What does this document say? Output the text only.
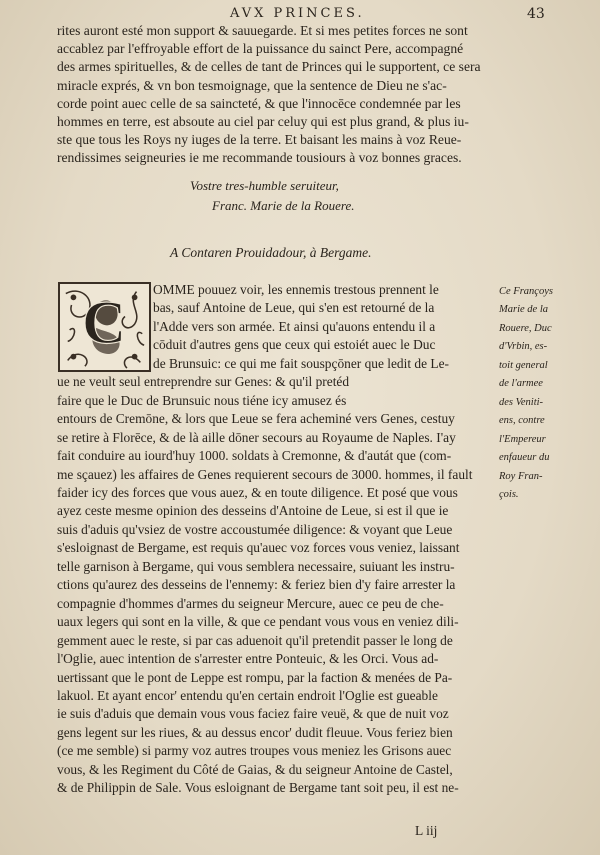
AVX PRINCES.	43
rites auront esté mon support & sauuegarde. Et si mes petites forces ne sont
accablez par l'effroyable effort de la puissance du sainct Pere, accompagné
des armes spirituelles, & de celles de tant de Princes qui le supportent, ce sera
miracle exprés, & vn bon tesmoignage, que la sentence de Dieu ne s'ac-
corde point auec celle de sa saincteté, & que l'innocēce condemnée par les
hommes en terre, est absoute au ciel par celuy qui est plus grand, & plus iu-
ste que tous les Roys ny iuges de la terre. Et baisant les mains à voz Reue-
rendissimes seigneuries ie me recommande tousiours à voz bonnes graces.
Vostre tres-humble seruiteur,
Franc. Marie de la Rouere.
A Contaren Prouidadour, à Bergame.
C
OMME pouuez voir, les ennemis trestous prennent le
bas, sauf Antoine de Leue, qui s'en est retourné de la
l'Adde vers son armée. Et ainsi qu'auons entendu il a
cōduit d'autres gens que ceux qui estoiét auec le Duc
de Brunsuic: ce qui me fait souspçōner que ledit de Le-
ue ne veult seul entreprendre sur Genes: & qu'il pretéd
faire que le Duc de Brunsuic nous tiéne icy amusez és
entours de Cremōne, & lors que Leue se fera acheminé vers Genes, cestuy
se retire à Florēce, & de là aille dōner secours au Royaume de Naples. I'ay
fait conduire au iourd'huy 1000. soldats à Cremonne, & d'autát que (com-
me sçauez) les affaires de Genes requierent secours de 3000. hommes, il fault
faider icy des forces que vous auez, & en toute diligence. Et posé que vous
ayez ceste mesme opinion des desseins d'Antoine de Leue, si est il que ie
suis d'aduis qu'vsiez de vostre accoustumée diligence: & voyant que Leue
s'esloignast de Bergame, est requis qu'auec voz forces vous veniez, laissant
telle garnison à Bergame, qui vous semblera necessaire, suiuant les instru-
ctions qu'aurez des desseins de l'ennemy: & feriez bien d'y faire arrester la
compagnie d'hommes d'armes du seigneur Mercure, auec ce peu de che-
uaux legers qui sont en la ville, & que ce pendant vous vous en veniez dili-
gemment auec le reste, si par cas aduenoit qu'il pretendit passer le long de
l'Oglie, auec intention de s'arrester entre Ponteuic, & les Orci. Vous ad-
uertissant que le pont de Leppe est rompu, par la faction & menées de Pa-
lakuol. Et ayant encor' entendu qu'en certain endroit l'Oglie est gueable
ie suis d'aduis que demain vous vous faciez faire veuë, & que de nuit voz
gens legent sur les riues, & au dessus encor' dudit fleuue. Vous feriez bien
(ce me semble) si parmy voz autres troupes vous meniez les Grisons auec
vous, & les Regiment du Côté de Gaias, & du seigneur Antoine de Castel,
& de Philippin de Sale. Vous esloignant de Bergame tant soit peu, il est ne-
Ce Françoys
Marie de la
Rouere, Duc
d'Vrbin, es-
toit general
de l'armee
des Veniti-
ens, contre
l'Empereur
enfaueur du
Roy Fran-
çois.
L iij
